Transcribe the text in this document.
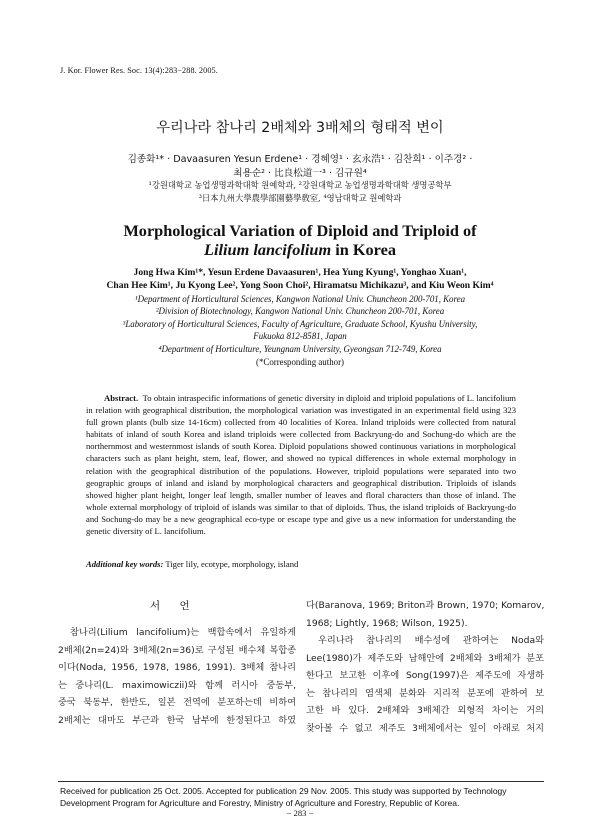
J. Kor. Flower Res. Soc. 13(4):283−288. 2005.
우리나라 참나리 2배체와 3배체의 형태적 변이
김종화¹* · Davaasuren Yesun Erdene¹ · 경혜영¹ · 玄永浩¹ · 김찬희¹ · 이주경² ·
최용순² · 比良松道一³ · 김규원⁴
¹강원대학교 농업생명과학대학 원예학과, ²강원대학교 농업생명과학대학 생명공학부
³日本九州大學農學部園藝學敎室, ⁴영남대학교 원예학과
Morphological Variation of Diploid and Triploid of
Lilium lancifolium in Korea
Jong Hwa Kim¹*, Yesun Erdene Davaasuren¹, Hea Yung Kyung¹, Yonghao Xuan¹,
Chan Hee Kim¹, Ju Kyong Lee², Yong Soon Choi², Hiramatsu Michikazu³, and Kiu Weon Kim⁴
¹Department of Horticultural Sciences, Kangwon National Univ. Chuncheon 200-701, Korea
²Division of Biotechnology, Kangwon National Univ. Chuncheon 200-701, Korea
³Laboratory of Horticultural Sciences, Faculty of Agriculture, Graduate School, Kyushu University,
Fukuoka 812-8581, Japan
⁴Department of Horticulture, Yeungnam University, Gyeongsan 712-749, Korea
(*Corresponding author)
Abstract. To obtain intraspecific informations of genetic diversity in diploid and triploid populations of L. lancifolium in relation with geographical distribution, the morphological variation was investigated in an experimental field using 323 full grown plants (bulb size 14-16cm) collected from 40 localities of Korea. Inland triploids were collected from natural habitats of inland of south Korea and island triploids were collected from Backryung-do and Sochung-do which are the northernmost and westernmost islands of south Korea. Diploid populations showed continuous variations in morphological characters such as plant height, stem, leaf, flower, and showed no typical differences in whole external morphology in relation with the geographical distribution of the populations. However, triploid populations were separated into two geographic groups of inland and island by morphological characters and geographical distribution. Triploids of islands showed higher plant height, longer leaf length, smaller number of leaves and floral characters than those of inland. The whole external morphology of triploid of islands was similar to that of diploids. Thus, the island triploids of Backryung-do and Sochung-do may be a new geographical eco-type or escape type and give us a new information for understanding the genetic diversity of L. lancifolium.
Additional key words: Tiger lily, ecotype, morphology, island
서 언
참나리(Lilium lancifolium)는 백합속에서 유일하게
2배체(2n=24)와 3배체(2n=36)로 구성된 배수체 복합종
이다(Noda, 1956, 1978, 1986, 1991). 3배체 참나리
는 중나리(L. maximowiczii)와 함께 러시아 중동부,
중국 북동부, 한반도, 일본 전역에 분포하는데 비하여
2배체는 대마도 부근과 한국 남부에 한정된다고 하였
다(Baranova, 1969; Briton과 Brown, 1970; Komarov,
1968; Lightly, 1968; Wilson, 1925).
우리나라 참나리의 배수성에 관하여는 Noda와
Lee(1980)가 제주도와 남해안에 2배체와 3배체가 분포
한다고 보고한 이후에 Song(1997)은 제주도에 자생하
는 참나리의 염색체 분화와 지리적 분포에 관하여 보
고한 바 있다. 2배체와 3배체간 외형적 차이는 거의
찾아볼 수 없고 제주도 3배체에서는 잎이 아래로 처지
Received for publication 25 Oct. 2005. Accepted for publication 29 Nov. 2005. This study was supported by Technology Development Program for Agriculture and Forestry, Ministry of Agriculture and Forestry, Republic of Korea.
− 283 −
